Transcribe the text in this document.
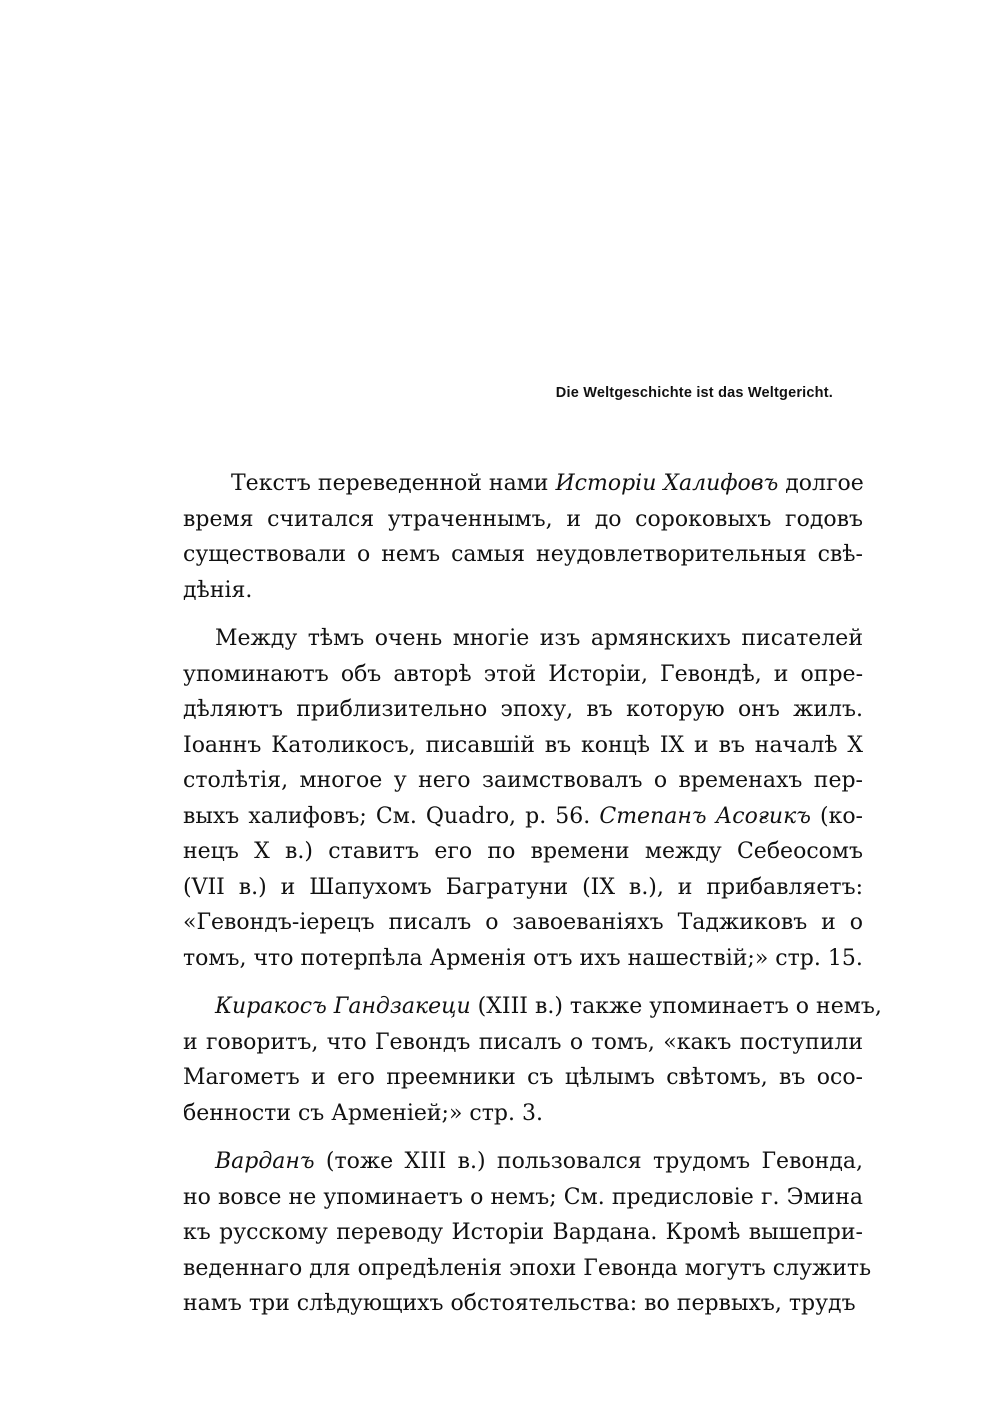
Die Weltgeschichte ist das Weltgericht.
Текстъ переведенной нами Исторіи Халифовъ долгое
время считался утраченнымъ, и до сороковыхъ годовъ
существовали о немъ самыя неудовлетворительныя свѣ-
дѣнія.
Между тѣмъ очень многіе изъ армянскихъ писателей
упоминаютъ объ авторѣ этой Исторіи, Гевондѣ, и опре-
дѣляютъ приблизительно эпоху, въ которую онъ жилъ.
Іоаннъ Католикосъ, писавшій въ концѣ IX и въ началѣ X
столѣтія, многое у него заимствовалъ о временахъ пер-
выхъ халифовъ; См. Quadro, p. 56. Степанъ Асоғикъ (ко-
нецъ X в.) ставитъ его по времени между Себеосомъ
(VII в.) и Шапухомъ Багратуни (IX в.), и прибавляетъ:
«Гевондъ-іерецъ писалъ о завоеваніяхъ Таджиковъ и о
томъ, что потерпѣла Арменія отъ ихъ нашествій;» стр. 15.
Киракосъ Гандзакеци (XIII в.) также упоминаетъ о немъ,
и говоритъ, что Гевондъ писалъ о томъ, «какъ поступили
Магометъ и его преемники съ цѣлымъ свѣтомъ, въ осо-
бенности съ Арменіей;» стр. 3.
Варданъ (тоже XIII в.) пользовался трудомъ Гевонда,
но вовсе не упоминаетъ о немъ; См. предисловіе г. Эмина
къ русскому переводу Исторіи Вардана. Кромѣ вышепри-
веденнаго для опредѣленія эпохи Гевонда могутъ служить
намъ три слѣдующихъ обстоятельства: во первыхъ, трудъ
